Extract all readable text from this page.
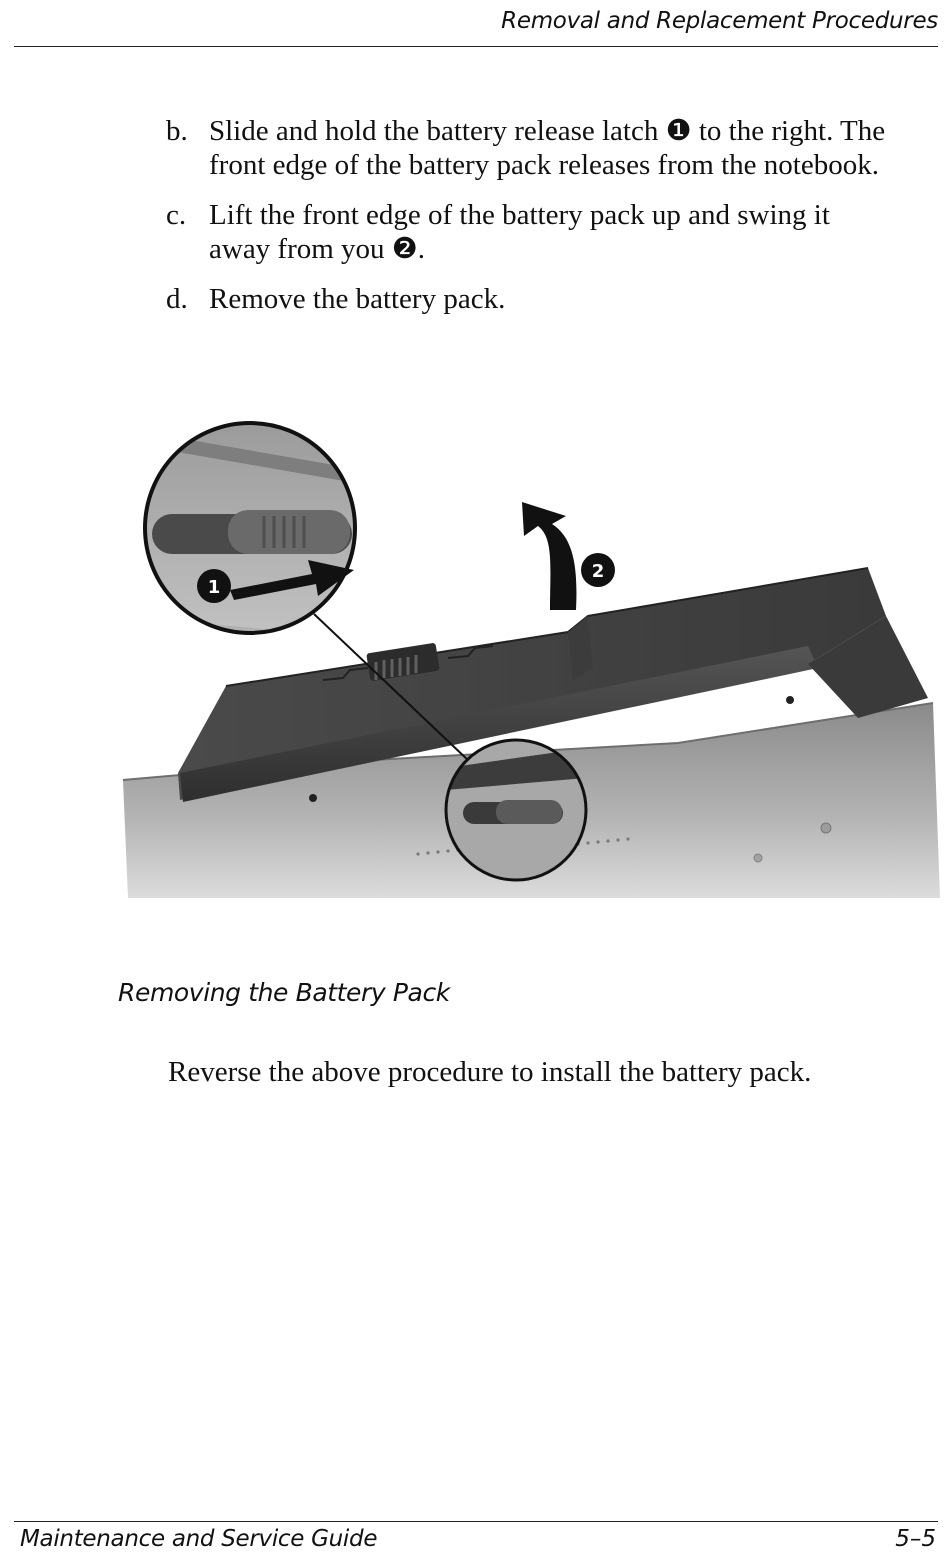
Removal and Replacement Procedures
b. Slide and hold the battery release latch ❶ to the right. The
front edge of the battery pack releases from the notebook.
c. Lift the front edge of the battery pack up and swing it
away from you ❷.
d. Remove the battery pack.
1
2
Removing the Battery Pack
Reverse the above procedure to install the battery pack.
Maintenance and Service Guide	5–5
